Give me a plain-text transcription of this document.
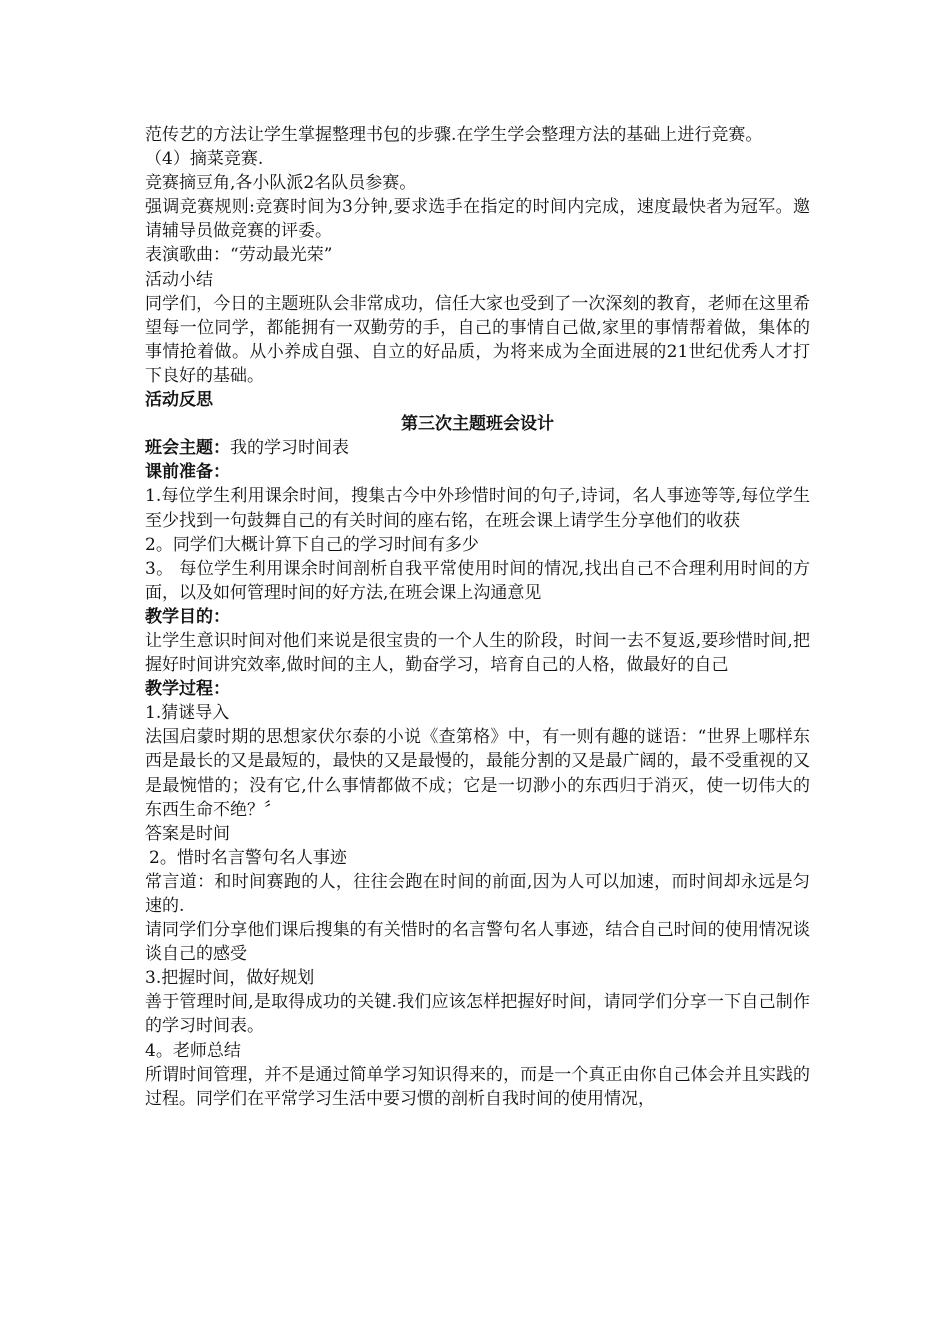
范传艺的方法让学生掌握整理书包的步骤.在学生学会整理方法的基础上进行竞赛。

（4）摘菜竞赛.

竞赛摘豆角,各小队派2名队员参赛。

强调竞赛规则:竞赛时间为3分钟,要求选手在指定的时间内完成，速度最快者为冠军。邀请辅导员做竞赛的评委。

表演歌曲：“劳动最光荣”

活动小结

同学们，今日的主题班队会非常成功，信任大家也受到了一次深刻的教育，老师在这里希望每一位同学，都能拥有一双勤劳的手，自己的事情自己做,家里的事情帮着做，集体的事情抢着做。从小养成自强、自立的好品质，为将来成为全面进展的21世纪优秀人才打下良好的基础。

活动反思

第三次主题班会设计

班会主题：我的学习时间表

课前准备：

1.每位学生利用课余时间，搜集古今中外珍惜时间的句子,诗词，名人事迹等等,每位学生至少找到一句鼓舞自己的有关时间的座右铭，在班会课上请学生分享他们的收获

2。同学们大概计算下自己的学习时间有多少

3。 每位学生利用课余时间剖析自我平常使用时间的情况,找出自己不合理利用时间的方面，以及如何管理时间的好方法,在班会课上沟通意见

教学目的：

让学生意识时间对他们来说是很宝贵的一个人生的阶段，时间一去不复返,要珍惜时间,把握好时间讲究效率,做时间的主人，勤奋学习，培育自己的人格，做最好的自己

教学过程：

1.猜谜导入

法国启蒙时期的思想家伏尔泰的小说《查第格》中，有一则有趣的谜语：“世界上哪样东西是最长的又是最短的，最快的又是最慢的，最能分割的又是最广阔的，最不受重视的又是最惋惜的；没有它,什么事情都做不成；它是一切渺小的东西归于消灭，使一切伟大的东西生命不绝？〞

答案是时间

2。惜时名言警句名人事迹

常言道：和时间赛跑的人，往往会跑在时间的前面,因为人可以加速，而时间却永远是匀速的.

请同学们分享他们课后搜集的有关惜时的名言警句名人事迹，结合自己时间的使用情况谈谈自己的感受

3.把握时间，做好规划

善于管理时间,是取得成功的关键.我们应该怎样把握好时间，请同学们分享一下自己制作的学习时间表。

4。老师总结

所谓时间管理，并不是通过简单学习知识得来的，而是一个真正由你自己体会并且实践的过程。同学们在平常学习生活中要习惯的剖析自我时间的使用情况，
